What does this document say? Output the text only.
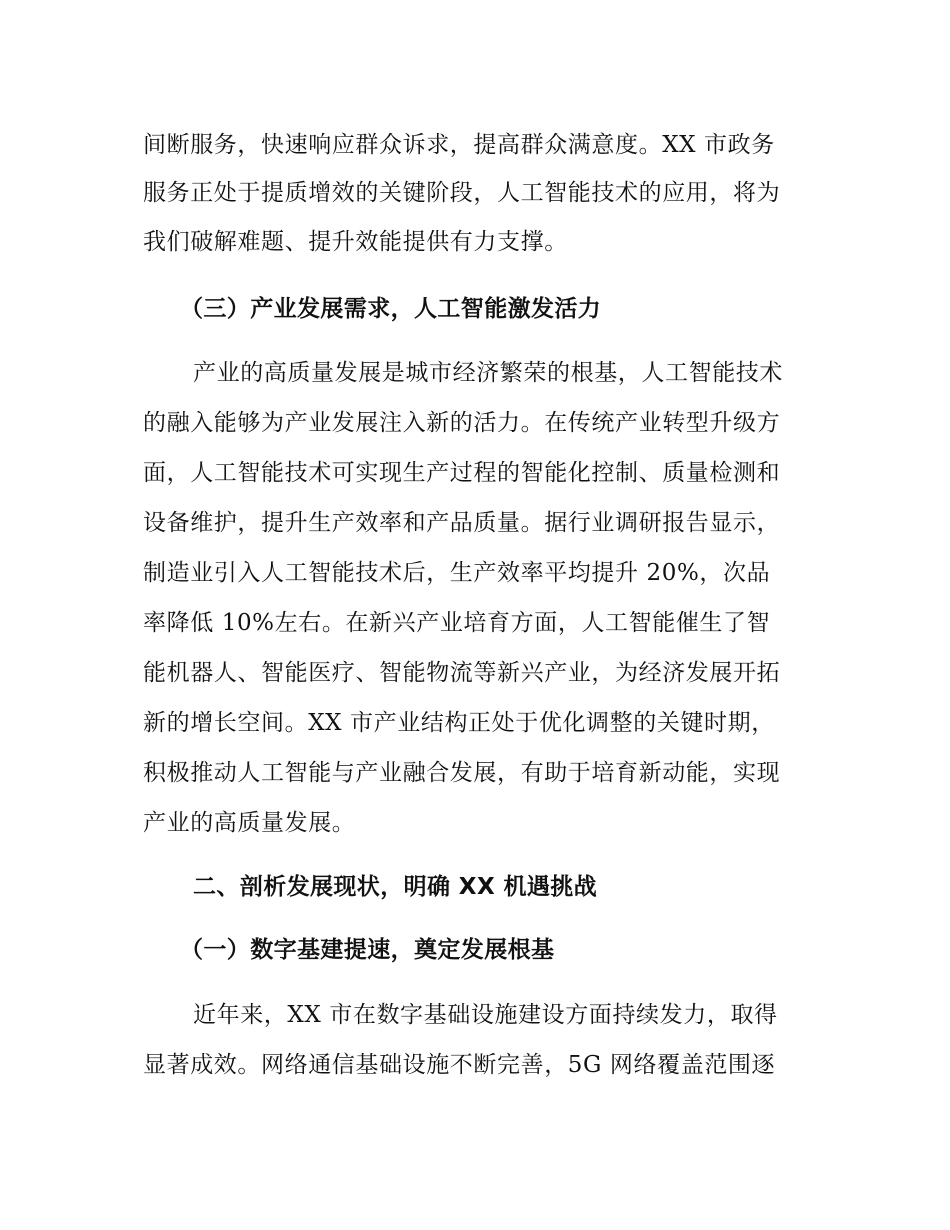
间断服务，快速响应群众诉求，提高群众满意度。XX 市政务
服务正处于提质增效的关键阶段，人工智能技术的应用，将为
我们破解难题、提升效能提供有力支撑。
（三）产业发展需求，人工智能激发活力
产业的高质量发展是城市经济繁荣的根基，人工智能技术
的融入能够为产业发展注入新的活力。在传统产业转型升级方
面，人工智能技术可实现生产过程的智能化控制、质量检测和
设备维护，提升生产效率和产品质量。据行业调研报告显示，
制造业引入人工智能技术后，生产效率平均提升 20%，次品
率降低 10%左右。在新兴产业培育方面，人工智能催生了智
能机器人、智能医疗、智能物流等新兴产业，为经济发展开拓
新的增长空间。XX 市产业结构正处于优化调整的关键时期，
积极推动人工智能与产业融合发展，有助于培育新动能，实现
产业的高质量发展。
二、剖析发展现状，明确 XX 机遇挑战
（一）数字基建提速，奠定发展根基
近年来，XX 市在数字基础设施建设方面持续发力，取得
显著成效。网络通信基础设施不断完善，5G 网络覆盖范围逐
